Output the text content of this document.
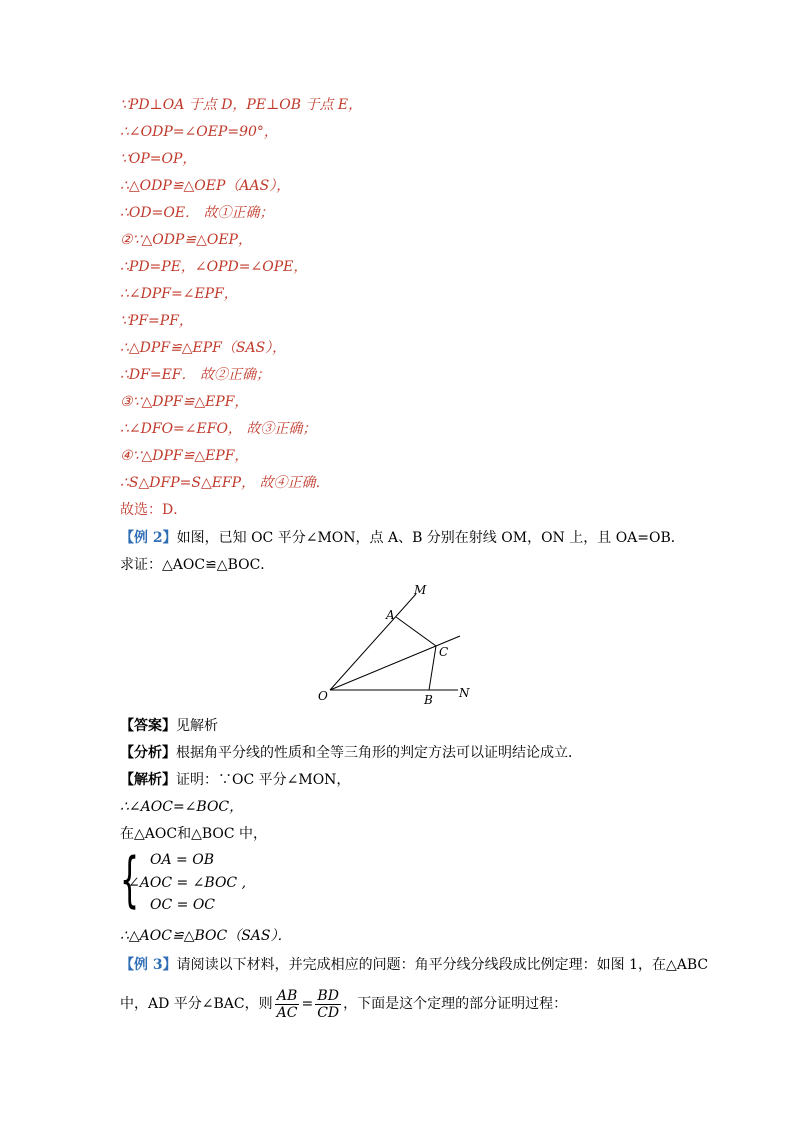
∵PD⊥OA 于点 D，PE⊥OB 于点 E，
∴∠ODP=∠OEP=90°，
∵OP=OP，
∴△ODP≌△OEP（AAS），
∴OD=OE． 故①正确；
②∵△ODP≌△OEP，
∴PD=PE，∠OPD=∠OPE，
∴∠DPF=∠EPF，
∵PF=PF，
∴△DPF≌△EPF（SAS），
∴DF=EF． 故②正确；
③∵△DPF≌△EPF，
∴∠DFO=∠EFO， 故③正确；
④∵△DPF≌△EPF，
∴S△DFP=S△EFP， 故④正确．
故选：D．
【例 2】如图，已知 OC 平分∠MON，点 A、B 分别在射线 OM，ON 上，且 OA=OB．
求证：△AOC≌△BOC．
M
A
C
O	B N
【答案】见解析
【分析】根据角平分线的性质和全等三角形的判定方法可以证明结论成立．
【解析】证明：∵OC 平分∠MON，
∴∠AOC=∠BOC，
在△AOC和△BOC 中，
{ OA = OB
∠AOC = ∠BOC ,
OC = OC
∴△AOC≌△BOC（SAS）．
【例 3】请阅读以下材料，并完成相应的问题：角平分线分线段成比例定理：如图 1，在△ABC
中，AD 平分∠BAC，则 $\frac{AB}{AC} = \frac{BD}{CD}$ ，下面是这个定理的部分证明过程：
